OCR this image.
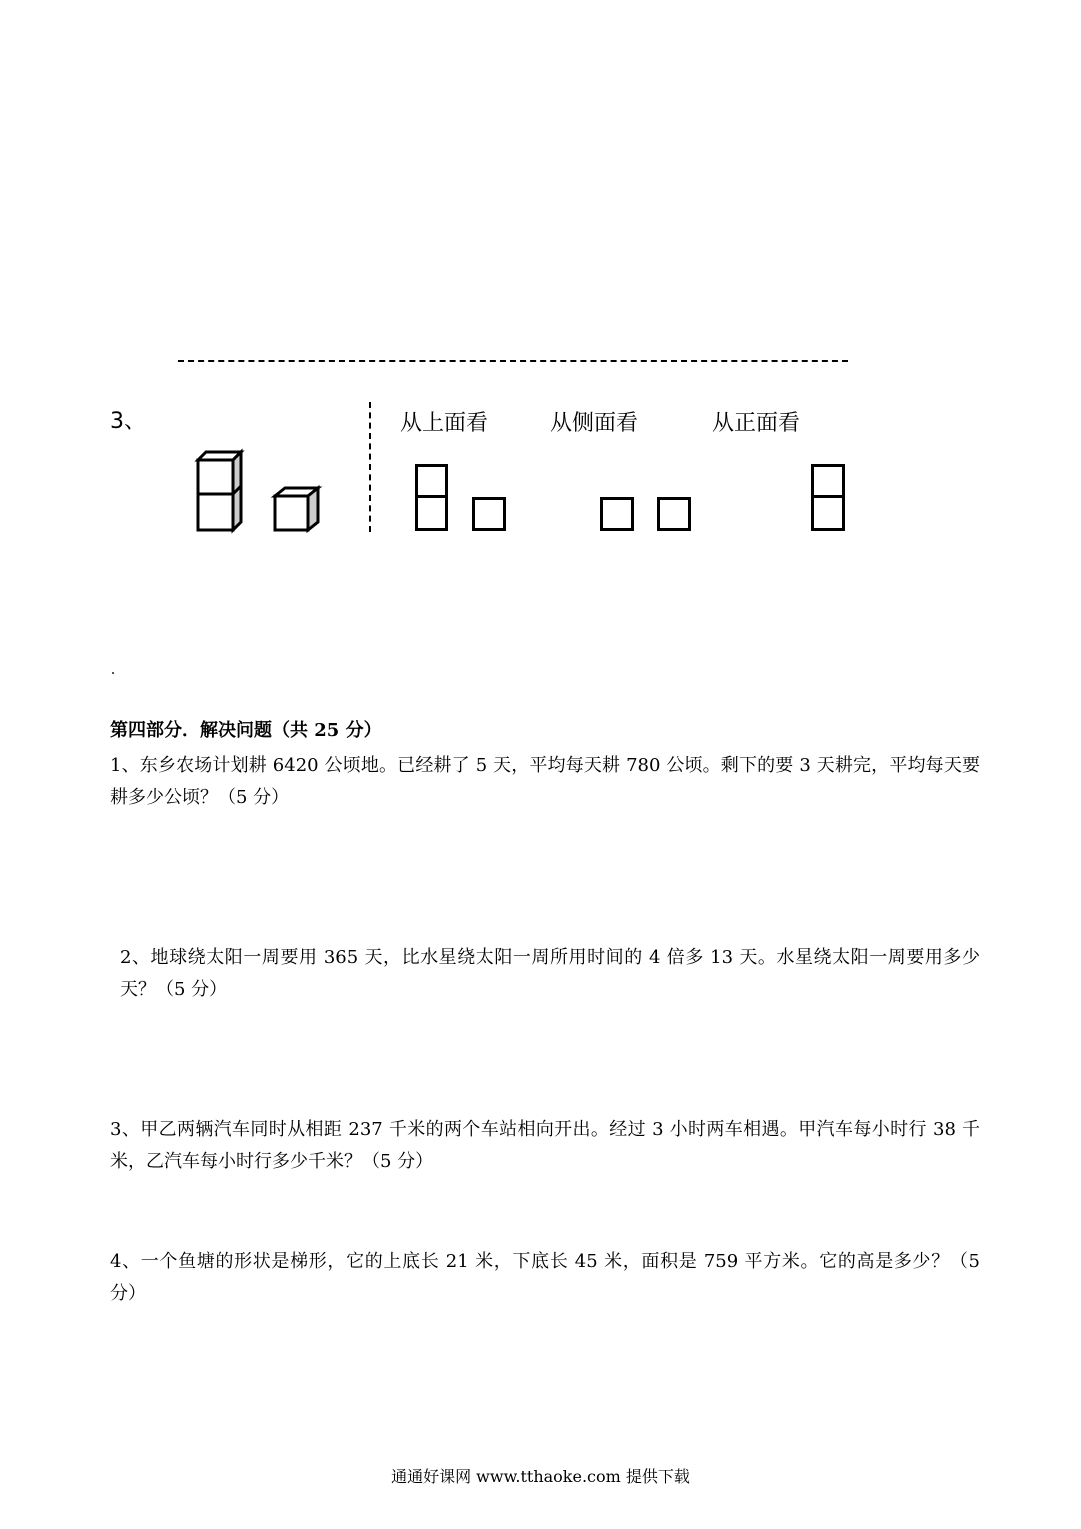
3、	从上面看	从侧面看	从正面看
第四部分．解决问题（共 25 分）
1、东乡农场计划耕 6420 公顷地。已经耕了 5 天，平均每天耕 780 公顷。剩下的要 3 天耕完，平均每天要耕多少公顷？（5 分）
2、地球绕太阳一周要用 365 天，比水星绕太阳一周所用时间的 4 倍多 13 天。水星绕太阳一周要用多少天？（5 分）
3、甲乙两辆汽车同时从相距 237 千米的两个车站相向开出。经过 3 小时两车相遇。甲汽车每小时行 38 千米，乙汽车每小时行多少千米？（5 分）
4、一个鱼塘的形状是梯形，它的上底长 21 米，下底长 45 米，面积是 759 平方米。它的高是多少？（5 分）
通通好课网 www.tthaoke.com 提供下载
